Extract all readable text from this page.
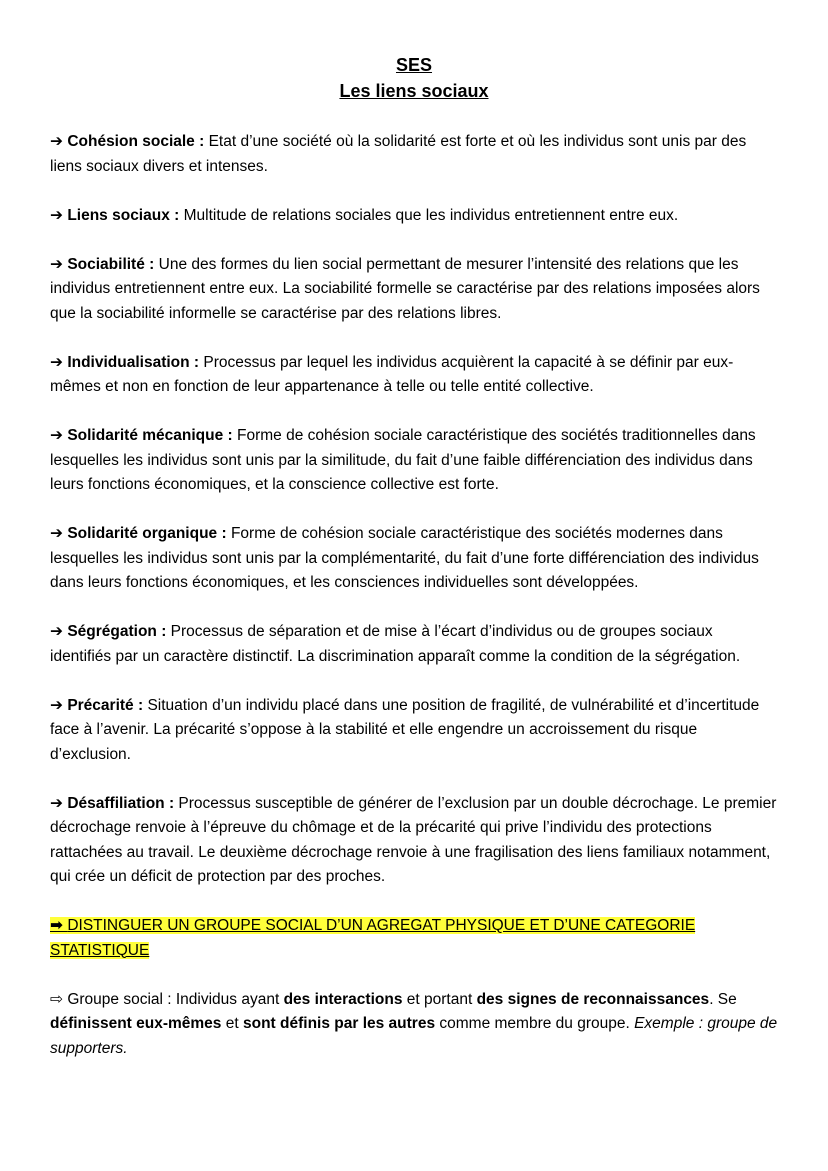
SES
Les liens sociaux
➔ Cohésion sociale : Etat d’une société où la solidarité est forte et où les individus sont unis par des liens sociaux divers et intenses.
➔ Liens sociaux : Multitude de relations sociales que les individus entretiennent entre eux.
➔ Sociabilité : Une des formes du lien social permettant de mesurer l’intensité des relations que les individus entretiennent entre eux. La sociabilité formelle se caractérise par des relations imposées alors que la sociabilité informelle se caractérise par des relations libres.
➔ Individualisation : Processus par lequel les individus acquièrent la capacité à se définir par eux-mêmes et non en fonction de leur appartenance à telle ou telle entité collective.
➔ Solidarité mécanique : Forme de cohésion sociale caractéristique des sociétés traditionnelles dans lesquelles les individus sont unis par la similitude, du fait d’une faible différenciation des individus dans leurs fonctions économiques, et la conscience collective est forte.
➔ Solidarité organique : Forme de cohésion sociale caractéristique des sociétés modernes dans lesquelles les individus sont unis par la complémentarité, du fait d’une forte différenciation des individus dans leurs fonctions économiques, et les consciences individuelles sont développées.
➔ Ségrégation : Processus de séparation et de mise à l’écart d’individus ou de groupes sociaux identifiés par un caractère distinctif. La discrimination apparaît comme la condition de la ségrégation.
➔ Précarité : Situation d’un individu placé dans une position de fragilité, de vulnérabilité et d’incertitude face à l’avenir. La précarité s’oppose à la stabilité et elle engendre un accroissement du risque d’exclusion.
➔ Désaffiliation : Processus susceptible de générer de l’exclusion par un double décrochage. Le premier décrochage renvoie à l’épreuve du chômage et de la précarité qui prive l’individu des protections rattachées au travail. Le deuxième décrochage renvoie à une fragilisation des liens familiaux notamment, qui crée un déficit de protection par des proches.
➡ DISTINGUER UN GROUPE SOCIAL D’UN AGREGAT PHYSIQUE ET D’UNE CATEGORIE STATISTIQUE
⇨ Groupe social : Individus ayant des interactions et portant des signes de reconnaissances. Se définissent eux-mêmes et sont définis par les autres comme membre du groupe. Exemple : groupe de supporters.
